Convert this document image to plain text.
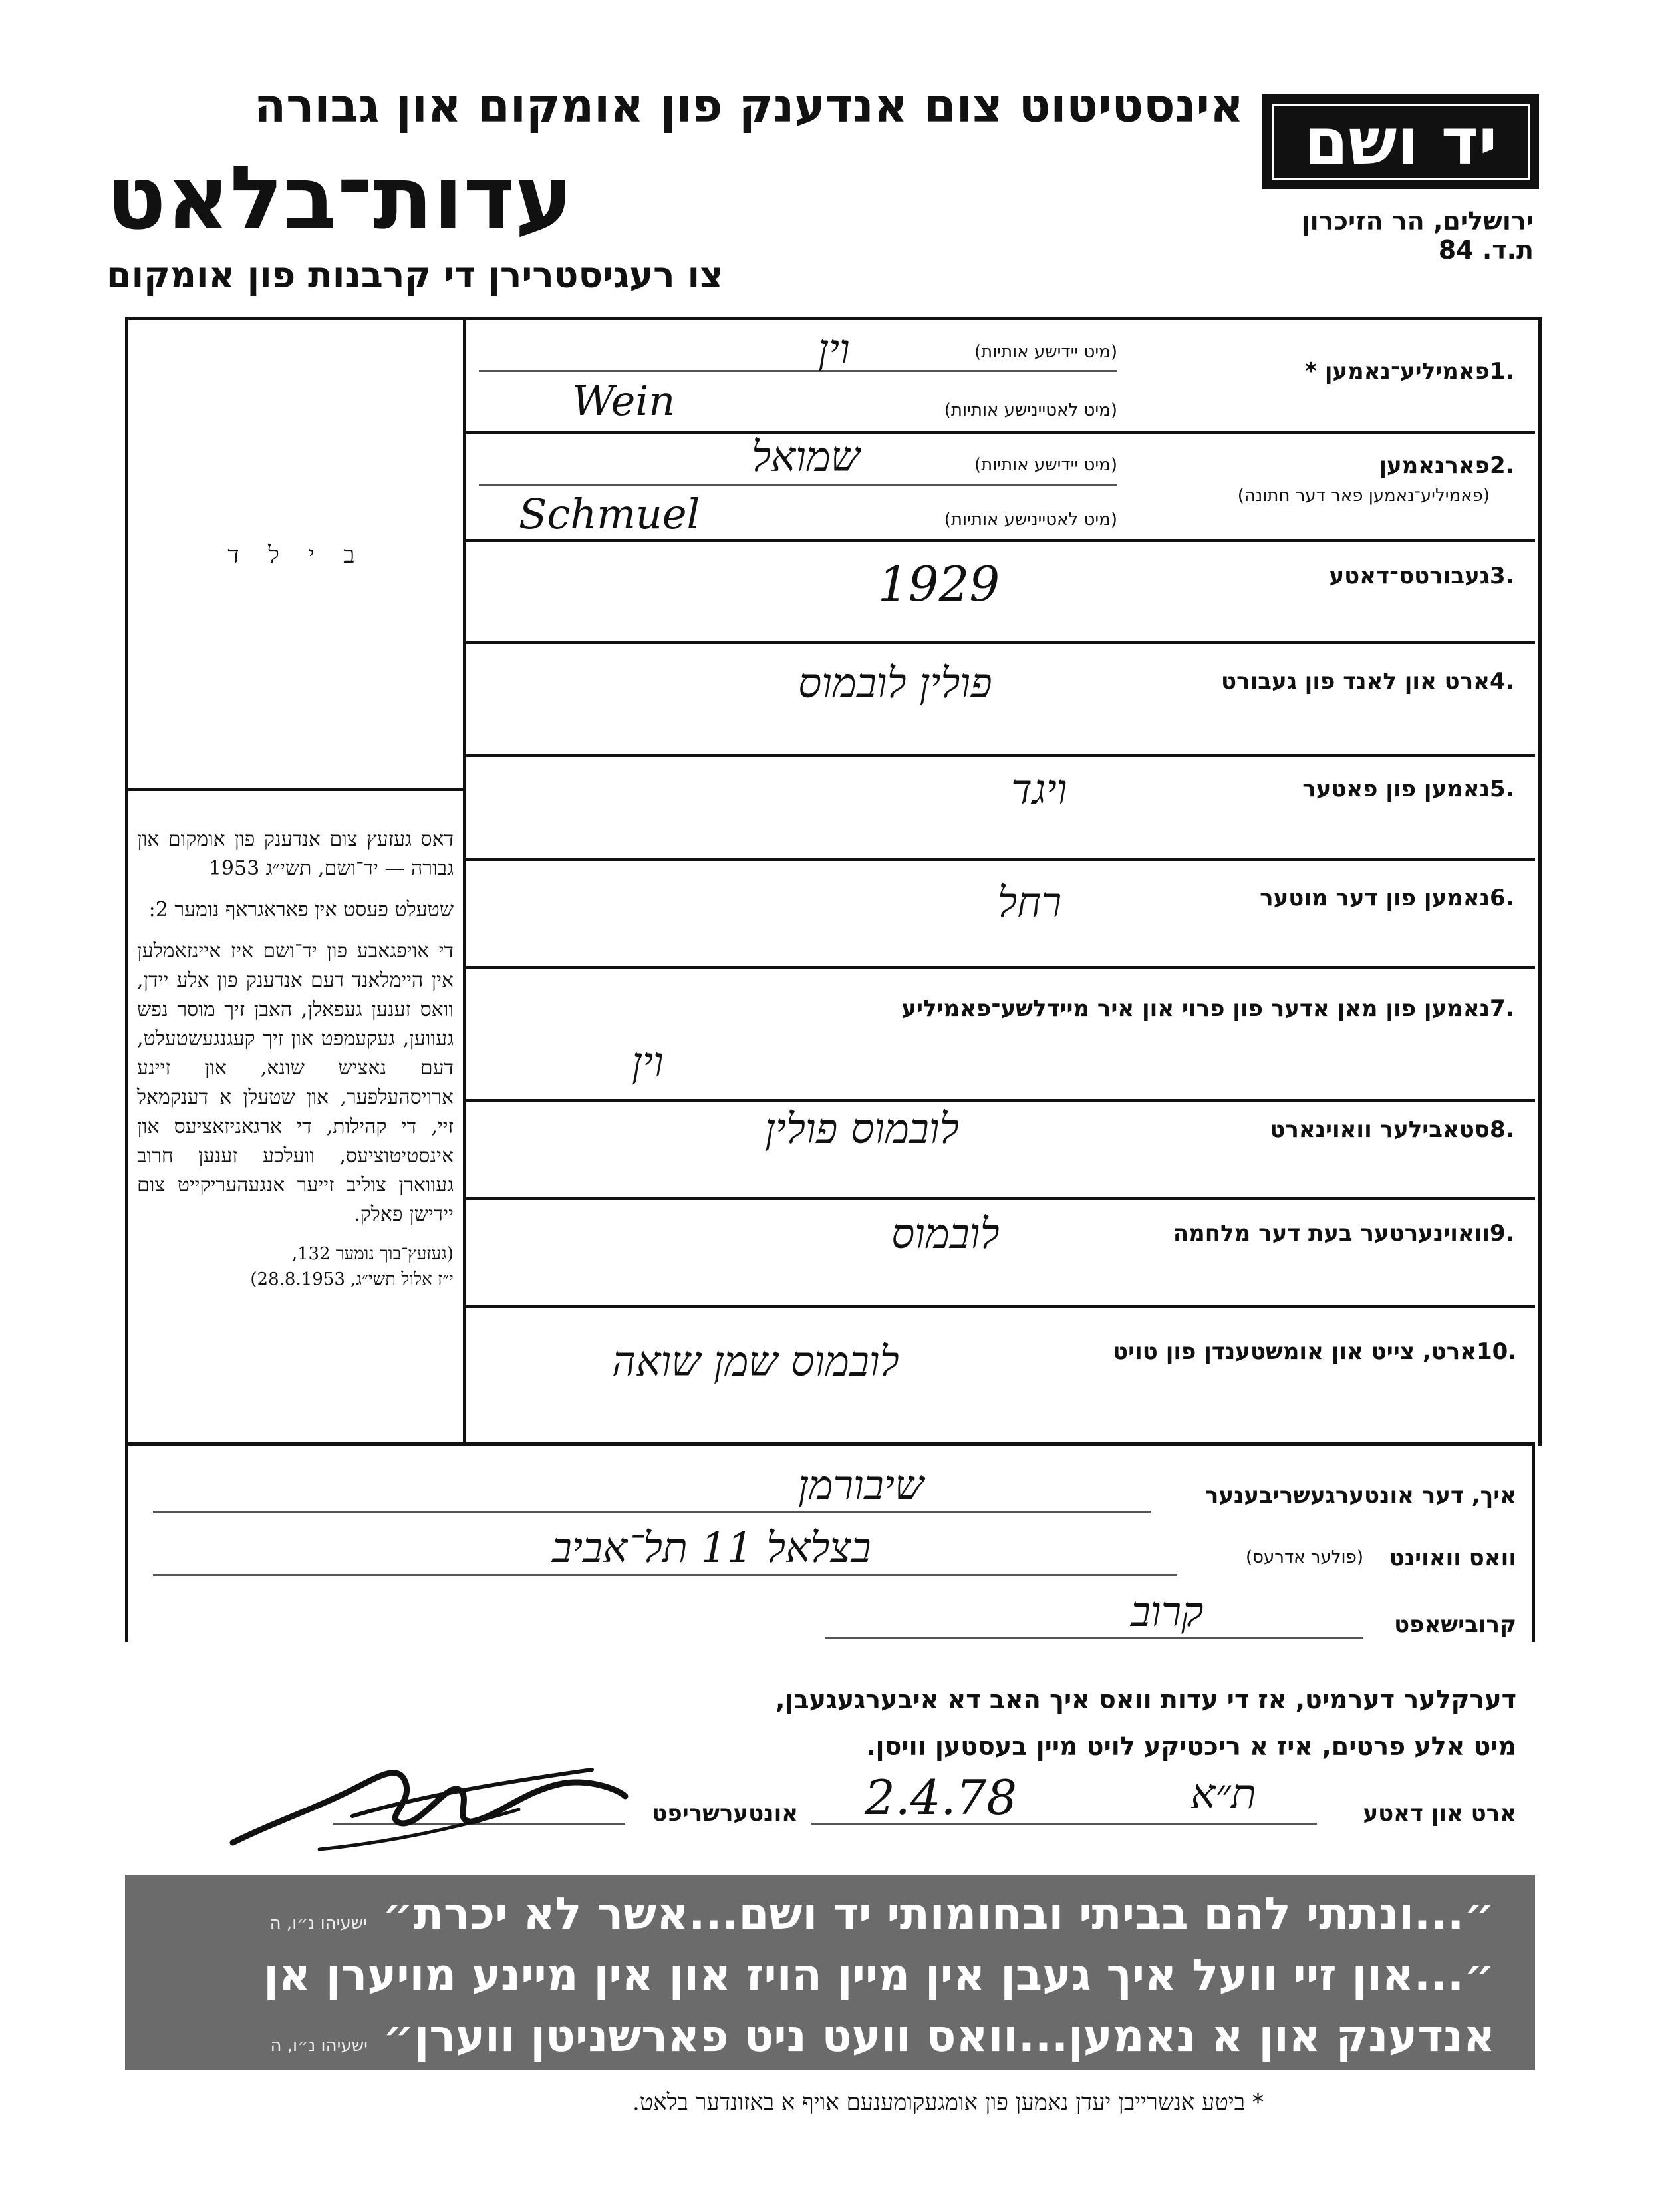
יד ושם
אינסטיטוט צום אנדענק פון אומקום און גבורה
עדות־בלאט
צו רעגיסטרירן די קרבנות פון אומקום
ירושלים, הר הזיכרון
ת.ד. 84
ב י ל ד

דאס געזעץ צום אנדענק פון אומקום און גבורה — יד־ושם, תשי״ג 1953

שטעלט פעסט אין פאראגראף נומער 2:

די אויפגאבע פון יד־ושם איז איינזאמלען אין היימלאנד דעם אנדענק פון אלע יידן, וואס זענען געפאלן, האבן זיך מוסר נפש געווען, געקעמפט און זיך קעגנגעשטעלט, דעם נאציש שונא, און זיינע ארויסהעלפער, און שטעלן א דענקמאל זיי, די קהילות, די ארגאניזאציעס און אינסטיטוציעס, וועלכע זענען חרוב געווארן צוליב זייער אנגעהעריקייט צום יידישן פאלק.

(געזעץ־בוך נומער 132,
י״ז אלול תשי״ג, 28.8.1953)
1.
פאמיליע־נאמען *
(מיט יידישע אותיות)
וין
(מיט לאטיינישע אותיות)
Wein
2.
פארנאמען
(פאמיליע־נאמען פאר דער חתונה)
(מיט יידישע אותיות)
שמואל
(מיט לאטיינישע אותיות)
Schmuel
3.
געבורטס־דאטע
1929
4.
ארט און לאנד פון געבורט
פולין לובמוס
5.
נאמען פון פאטער
ויגד
6.
נאמען פון דער מוטער
רחל
7.
נאמען פון מאן אדער פון פרוי און איר מיידלשע־פאמיליע
וין
8.
סטאבילער וואוינארט
לובמוס פולין
9.
וואוינערטער בעת דער מלחמה
לובמוס
10.
ארט, צייט און אומשטענדן פון טויט
לובמוס שמן שואה
איך, דער אונטערגעשריבענער
שיבורמן
וואס וואוינט
(פולער אדרעס)
בצלאל 11 תל־אביב
קרובישאפט
קרוב
דערקלער דערמיט, אז די עדות וואס איך האב דא איבערגעגעבן,
מיט אלע פרטים, איז א ריכטיקע לויט מיין בעסטען וויסן.
ארט און דאטע
ת״א
2.4.78
אונטערשריפט
״...ונתתי להם בביתי ובחומותי יד ושם...אשר לא יכרת״ ישעיהו נ״ו, ה
״...און זיי וועל איך געבן אין מיין הויז און אין מיינע מויערן אן
אנדענק און א נאמען...וואס וועט ניט פארשניטן ווערן״ ישעיהו נ״ו, ה
* ביטע אנשרייבן יעדן נאמען פון אומגעקומענעם אויף א באזונדער בלאט.
